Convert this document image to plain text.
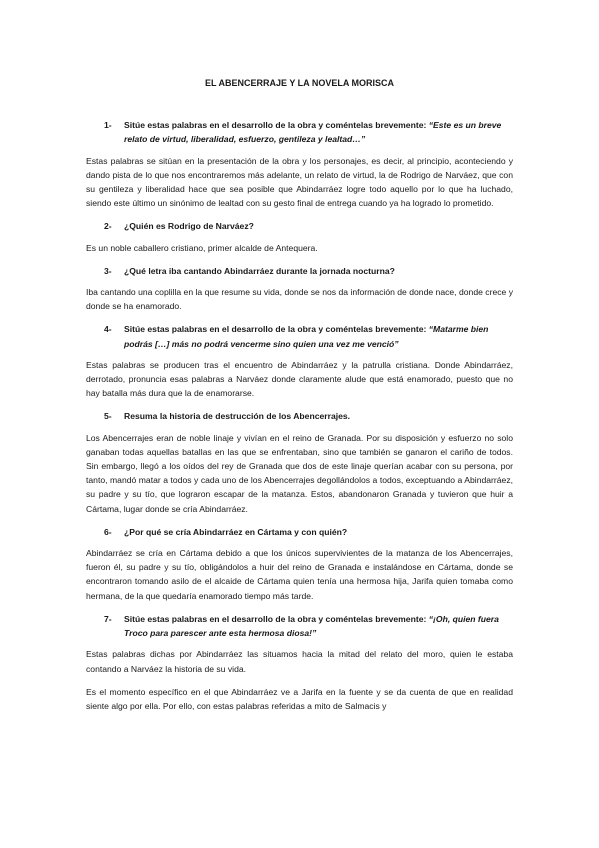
EL ABENCERRAJE Y LA NOVELA MORISCA
1-	Sitúe estas palabras en el desarrollo de la obra y coméntelas brevemente: “Este es un breve relato de virtud, liberalidad, esfuerzo, gentileza y lealtad…”

Estas palabras se sitúan en la presentación de la obra y los personajes, es decir, al principio, aconteciendo y dando pista de lo que nos encontraremos más adelante, un relato de virtud, la de Rodrigo de Narváez, que con su gentileza y liberalidad hace que sea posible que Abindarráez logre todo aquello por lo que ha luchado, siendo este último un sinónimo de lealtad con su gesto final de entrega cuando ya ha logrado lo prometido.

2-	¿Quién es Rodrigo de Narváez?

Es un noble caballero cristiano, primer alcalde de Antequera.

3-	¿Qué letra iba cantando Abindarráez durante la jornada nocturna?

Iba cantando una coplilla en la que resume su vida, donde se nos da información de donde nace, donde crece y donde se ha enamorado.

4-	Sitúe estas palabras en el desarrollo de la obra y coméntelas brevemente: “Matarme bien podrás […] más no podrá vencerme sino quien una vez me venció”

Estas palabras se producen tras el encuentro de Abindarráez y la patrulla cristiana. Donde Abindarráez, derrotado, pronuncia esas palabras a Narváez donde claramente alude que está enamorado, puesto que no hay batalla más dura que la de enamorarse.

5-	Resuma la historia de destrucción de los Abencerrajes.

Los Abencerrajes eran de noble linaje y vivían en el reino de Granada. Por su disposición y esfuerzo no solo ganaban todas aquellas batallas en las que se enfrentaban, sino que también se ganaron el cariño de todos. Sin embargo, llegó a los oídos del rey de Granada que dos de este linaje querían acabar con su persona, por tanto, mandó matar a todos y cada uno de los Abencerrajes degollándolos a todos, exceptuando a Abindarráez, su padre y su tío, que lograron escapar de la matanza. Estos, abandonaron Granada y tuvieron que huir a Cártama, lugar donde se cría Abindarráez.

6-	¿Por qué se cría Abindarráez en Cártama y con quién?

Abindarráez se cría en Cártama debido a que los únicos supervivientes de la matanza de los Abencerrajes, fueron él, su padre y su tío, obligándolos a huir del reino de Granada e instalándose en Cártama, donde se encontraron tomando asilo de el alcaide de Cártama quien tenía una hermosa hija, Jarifa quien tomaba como hermana, de la que quedaría enamorado tiempo más tarde.

7-	Sitúe estas palabras en el desarrollo de la obra y coméntelas brevemente: “¡Oh, quien fuera Troco para parescer ante esta hermosa diosa!”

Estas palabras dichas por Abindarráez las situamos hacia la mitad del relato del moro, quien le estaba contando a Narváez la historia de su vida.

Es el momento específico en el que Abindarráez ve a Jarifa en la fuente y se da cuenta de que en realidad siente algo por ella. Por ello, con estas palabras referidas a mito de Salmacis y
